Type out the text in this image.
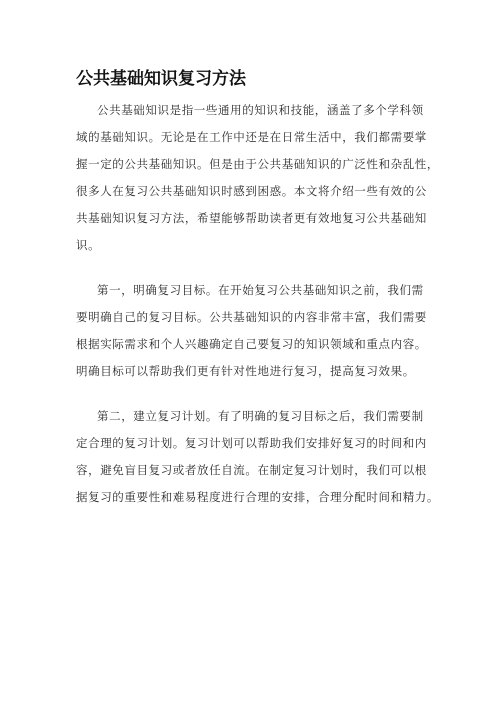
公共基础知识复习方法
公共基础知识是指一些通用的知识和技能，涵盖了多个学科领
域的基础知识。无论是在工作中还是在日常生活中，我们都需要掌
握一定的公共基础知识。但是由于公共基础知识的广泛性和杂乱性，
很多人在复习公共基础知识时感到困惑。本文将介绍一些有效的公
共基础知识复习方法，希望能够帮助读者更有效地复习公共基础知
识。
第一，明确复习目标。在开始复习公共基础知识之前，我们需
要明确自己的复习目标。公共基础知识的内容非常丰富，我们需要
根据实际需求和个人兴趣确定自己要复习的知识领域和重点内容。
明确目标可以帮助我们更有针对性地进行复习，提高复习效果。
第二，建立复习计划。有了明确的复习目标之后，我们需要制
定合理的复习计划。复习计划可以帮助我们安排好复习的时间和内
容，避免盲目复习或者放任自流。在制定复习计划时，我们可以根
据复习的重要性和难易程度进行合理的安排，合理分配时间和精力。
